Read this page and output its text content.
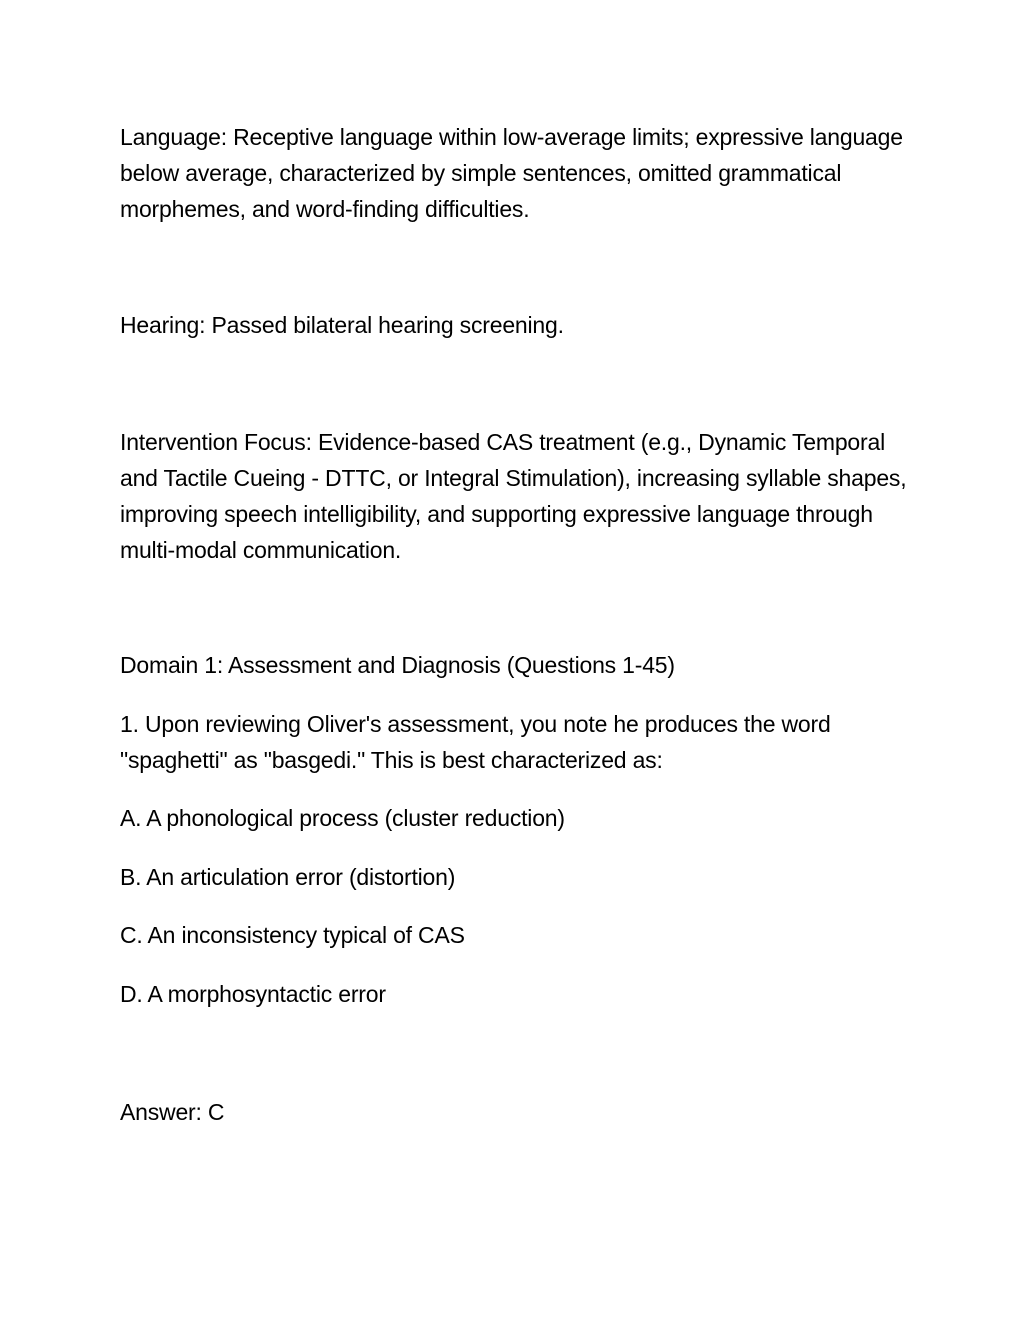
Language: Receptive language within low-average limits; expressive language below average, characterized by simple sentences, omitted grammatical morphemes, and word-finding difficulties.

Hearing: Passed bilateral hearing screening.

Intervention Focus: Evidence-based CAS treatment (e.g., Dynamic Temporal and Tactile Cueing - DTTC, or Integral Stimulation), increasing syllable shapes, improving speech intelligibility, and supporting expressive language through multi-modal communication.

Domain 1: Assessment and Diagnosis (Questions 1-45)

1. Upon reviewing Oliver's assessment, you note he produces the word "spaghetti" as "basgedi." This is best characterized as:

A. A phonological process (cluster reduction)

B. An articulation error (distortion)

C. An inconsistency typical of CAS

D. A morphosyntactic error

Answer: C
